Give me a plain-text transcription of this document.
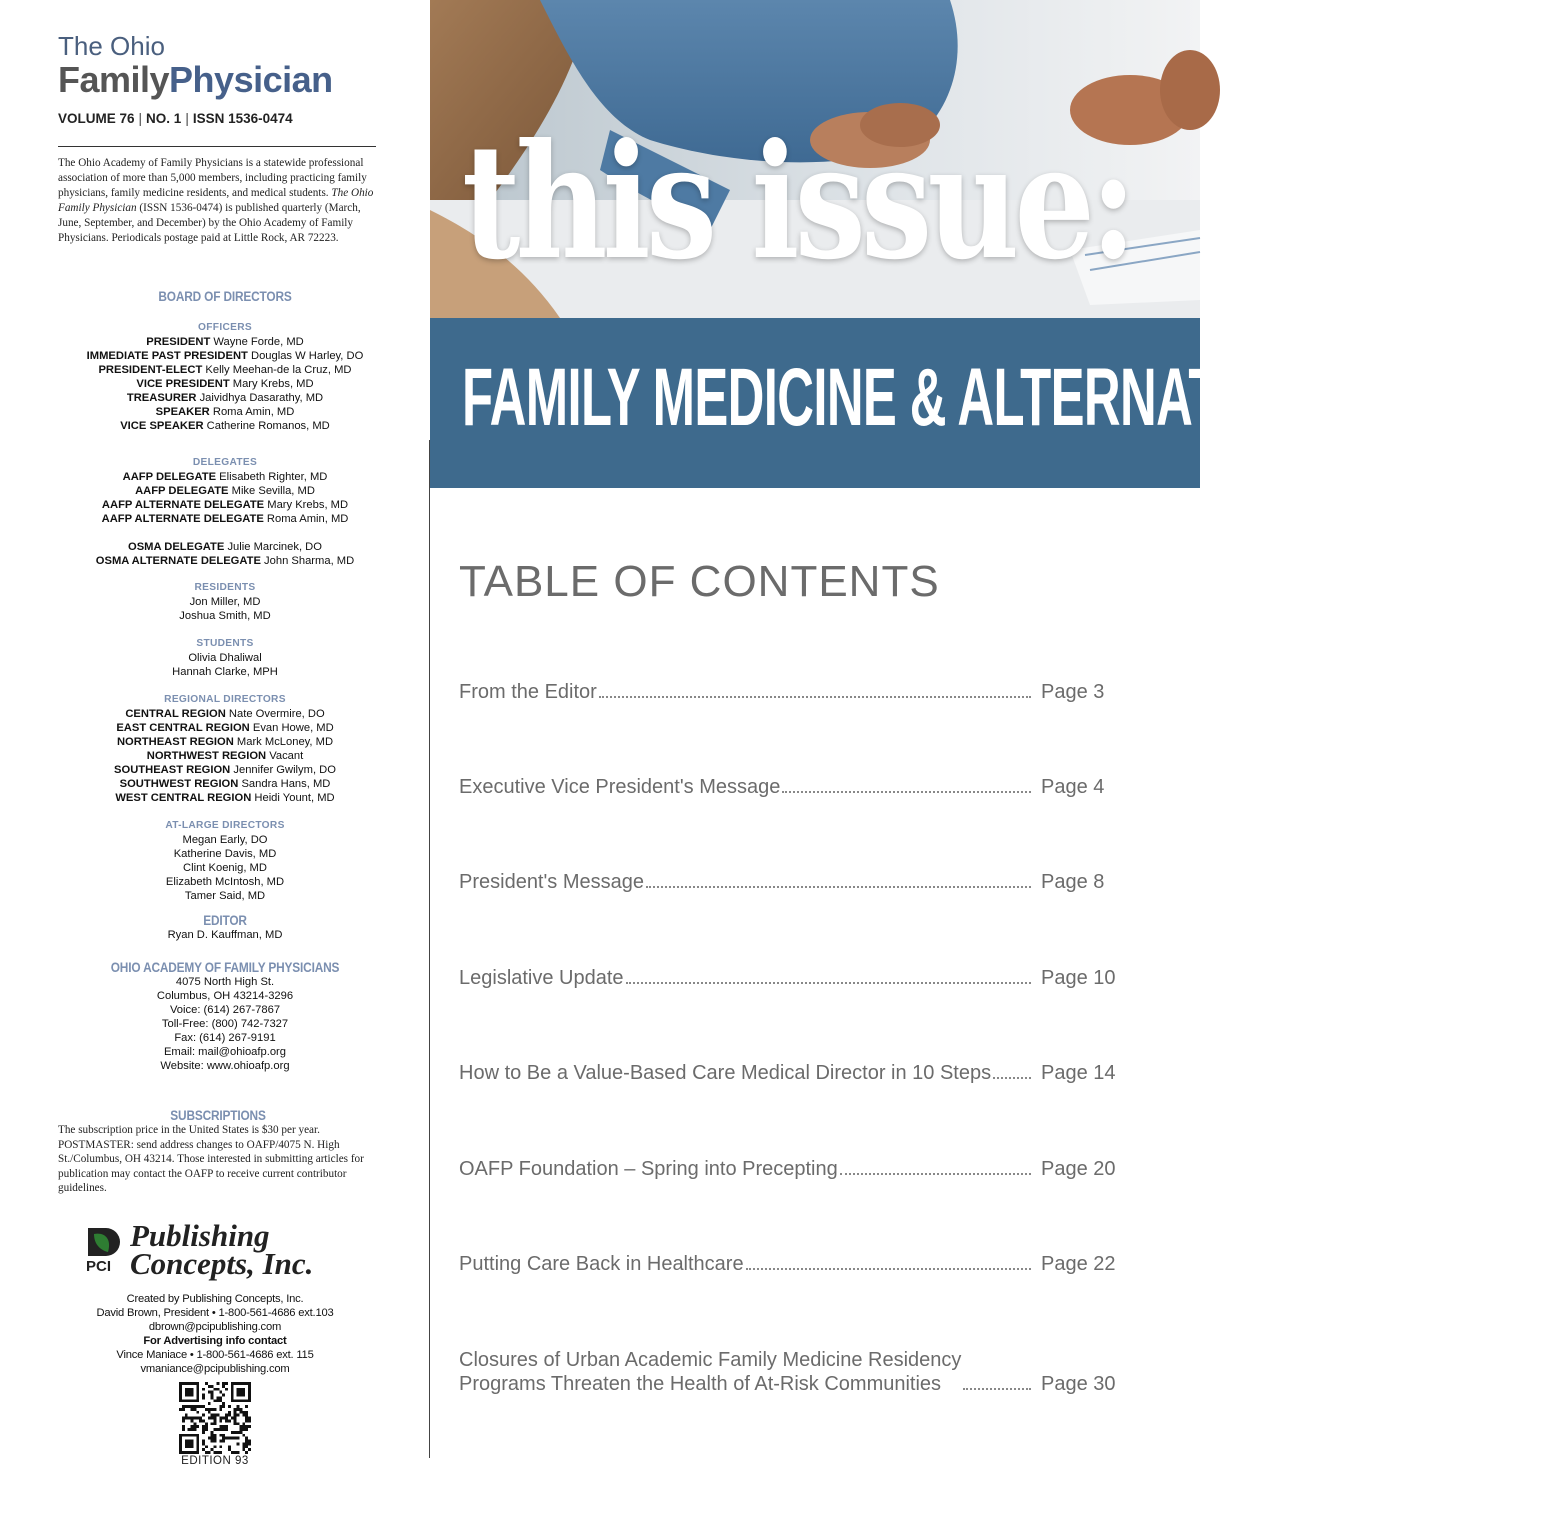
The Ohio
FamilyPhysician
VOLUME 76 | NO. 1 | ISSN 1536-0474
The Ohio Academy of Family Physicians is a statewide professional association of more than 5,000 members, including practicing family physicians, family medicine residents, and medical students. The Ohio Family Physician (ISSN 1536-0474) is published quarterly (March, June, September, and December) by the Ohio Academy of Family Physicians. Periodicals postage paid at Little Rock, AR 72223.
BOARD OF DIRECTORS
OFFICERS
PRESIDENT Wayne Forde, MD
IMMEDIATE PAST PRESIDENT Douglas W Harley, DO
PRESIDENT-ELECT Kelly Meehan-de la Cruz, MD
VICE PRESIDENT Mary Krebs, MD
TREASURER Jaividhya Dasarathy, MD
SPEAKER Roma Amin, MD
VICE SPEAKER Catherine Romanos, MD
DELEGATES
AAFP DELEGATE Elisabeth Righter, MD
AAFP DELEGATE Mike Sevilla, MD
AAFP ALTERNATE DELEGATE Mary Krebs, MD
AAFP ALTERNATE DELEGATE Roma Amin, MD
OSMA DELEGATE Julie Marcinek, DO
OSMA ALTERNATE DELEGATE John Sharma, MD
RESIDENTS
Jon Miller, MD
Joshua Smith, MD
STUDENTS
Olivia Dhaliwal
Hannah Clarke, MPH
REGIONAL DIRECTORS
CENTRAL REGION Nate Overmire, DO
EAST CENTRAL REGION Evan Howe, MD
NORTHEAST REGION Mark McLoney, MD
NORTHWEST REGION Vacant
SOUTHEAST REGION Jennifer Gwilym, DO
SOUTHWEST REGION Sandra Hans, MD
WEST CENTRAL REGION Heidi Yount, MD
AT-LARGE DIRECTORS
Megan Early, DO
Katherine Davis, MD
Clint Koenig, MD
Elizabeth McIntosh, MD
Tamer Said, MD
EDITOR
Ryan D. Kauffman, MD
OHIO ACADEMY OF FAMILY PHYSICIANS
4075 North High St.
Columbus, OH 43214-3296
Voice: (614) 267-7867
Toll-Free: (800) 742-7327
Fax: (614) 267-9191
Email: mail@ohioafp.org
Website: www.ohioafp.org
SUBSCRIPTIONS
The subscription price in the United States is $30 per year. POSTMASTER: send address changes to OAFP/4075 N. High St./Columbus, OH 43214. Those interested in submitting articles for publication may contact the OAFP to receive current contributor guidelines.
Publishing
Concepts, Inc.
PCI
Created by Publishing Concepts, Inc.
David Brown, President • 1-800-561-4686 ext.103
dbrown@pcipublishing.com
For Advertising info contact
Vince Maniace • 1-800-561-4686 ext. 115
vmaniance@pcipublishing.com
EDITION 93
this issue:
FAMILY MEDICINE & ALTERNATIVE MEDICINE
TABLE OF CONTENTS
From the Editor	Page 3
Executive Vice President's Message	Page 4
President's Message	Page 8
Legislative Update	Page 10
How to Be a Value-Based Care Medical Director in 10 Steps Page 14
OAFP Foundation – Spring into Precepting	Page 20
Putting Care Back in Healthcare	Page 22
Closures of Urban Academic Family Medicine Residency
Programs Threaten the Health of At-Risk Communities	Page 30
